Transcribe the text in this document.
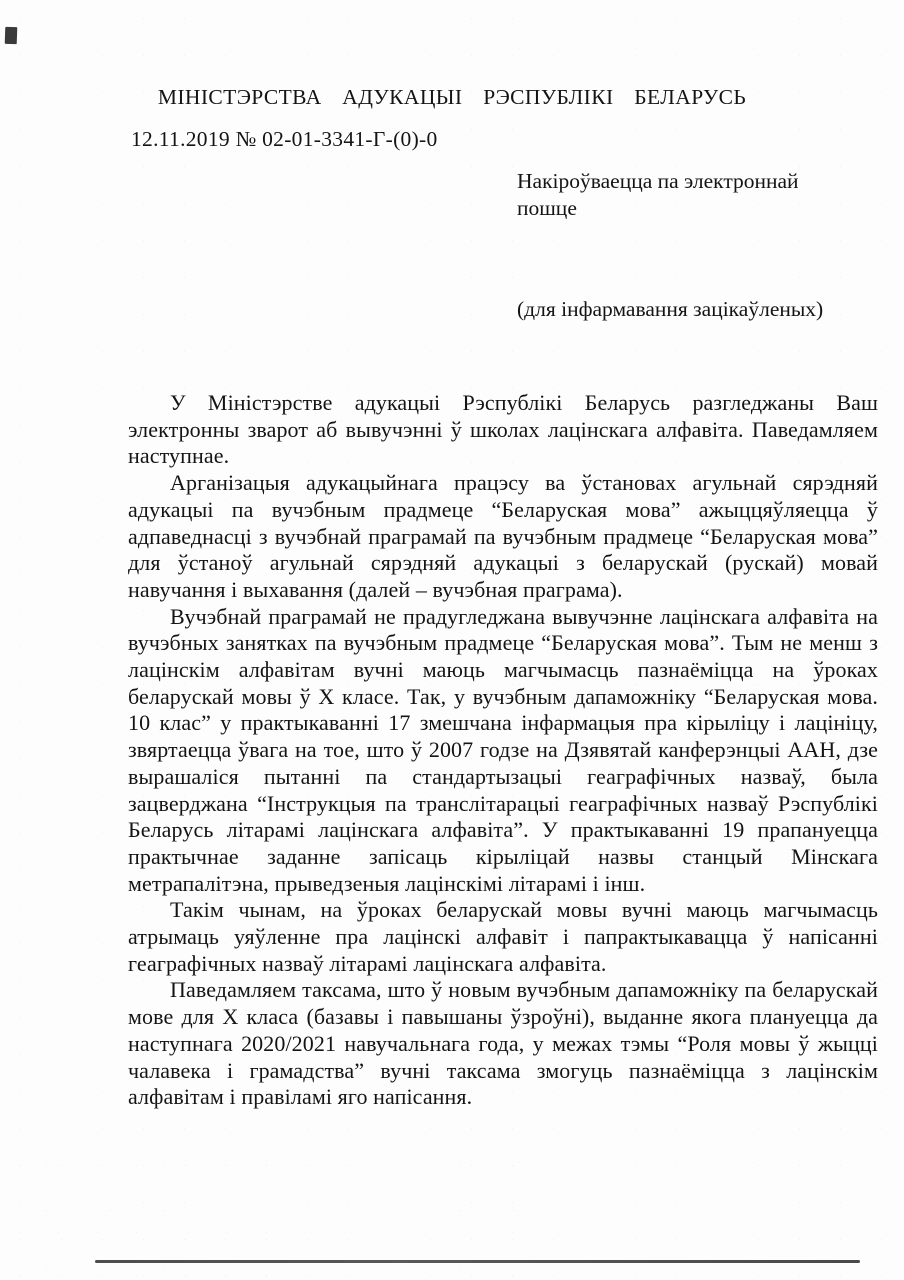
МІНІСТЭРСТВА АДУКАЦЫІ РЭСПУБЛІКІ БЕЛАРУСЬ
12.11.2019 № 02-01-3341-Г-(0)-0
Накіроўваецца па электроннай пошце
(для інфармавання зацікаўленых)

У Міністэрстве адукацыі Рэспублікі Беларусь разгледжаны Ваш электронны зварот аб вывучэнні ў школах лацінскага алфавіта. Паведамляем наступнае.

Арганізацыя адукацыйнага працэсу ва ўстановах агульнай сярэдняй адукацыі па вучэбным прадмеце “Беларуская мова” ажыццяўляецца ў адпаведнасці з вучэбнай праграмай па вучэбным прадмеце “Беларуская мова” для ўстаноў агульнай сярэдняй адукацыі з беларускай (рускай) мовай навучання і выхавання (далей – вучэбная праграма).

Вучэбнай праграмай не прадугледжана вывучэнне лацінскага алфавіта на вучэбных занятках па вучэбным прадмеце “Беларуская мова”. Тым не менш з лацінскім алфавітам вучні маюць магчымасць пазнаёміцца на ўроках беларускай мовы ў X класе. Так, у вучэбным дапаможніку “Беларуская мова. 10 клас” у практыкаванні 17 змешчана інфармацыя пра кірыліцу і лацініцу, звяртаецца ўвага на тое, што ў 2007 годзе на Дзявятай канферэнцыі ААН, дзе вырашаліся пытанні па стандартызацыі геаграфічных назваў, была зацверджана “Інструкцыя па транслітарацыі геаграфічных назваў Рэспублікі Беларусь літарамі лацінскага алфавіта”. У практыкаванні 19 прапануецца практычнае заданне запісаць кірыліцай назвы станцый Мінскага метрапалітэна, прыведзеныя лацінскімі літарамі і інш.

Такім чынам, на ўроках беларускай мовы вучні маюць магчымасць атрымаць уяўленне пра лацінскі алфавіт і папрактыкавацца ў напісанні геаграфічных назваў літарамі лацінскага алфавіта.

Паведамляем таксама, што ў новым вучэбным дапаможніку па беларускай мове для X класа (базавы і павышаны ўзроўні), выданне якога плануецца да наступнага 2020/2021 навучальнага года, у межах тэмы “Роля мовы ў жыцці чалавека і грамадства” вучні таксама змогуць пазнаёміцца з лацінскім алфавітам і правіламі яго напісання.
